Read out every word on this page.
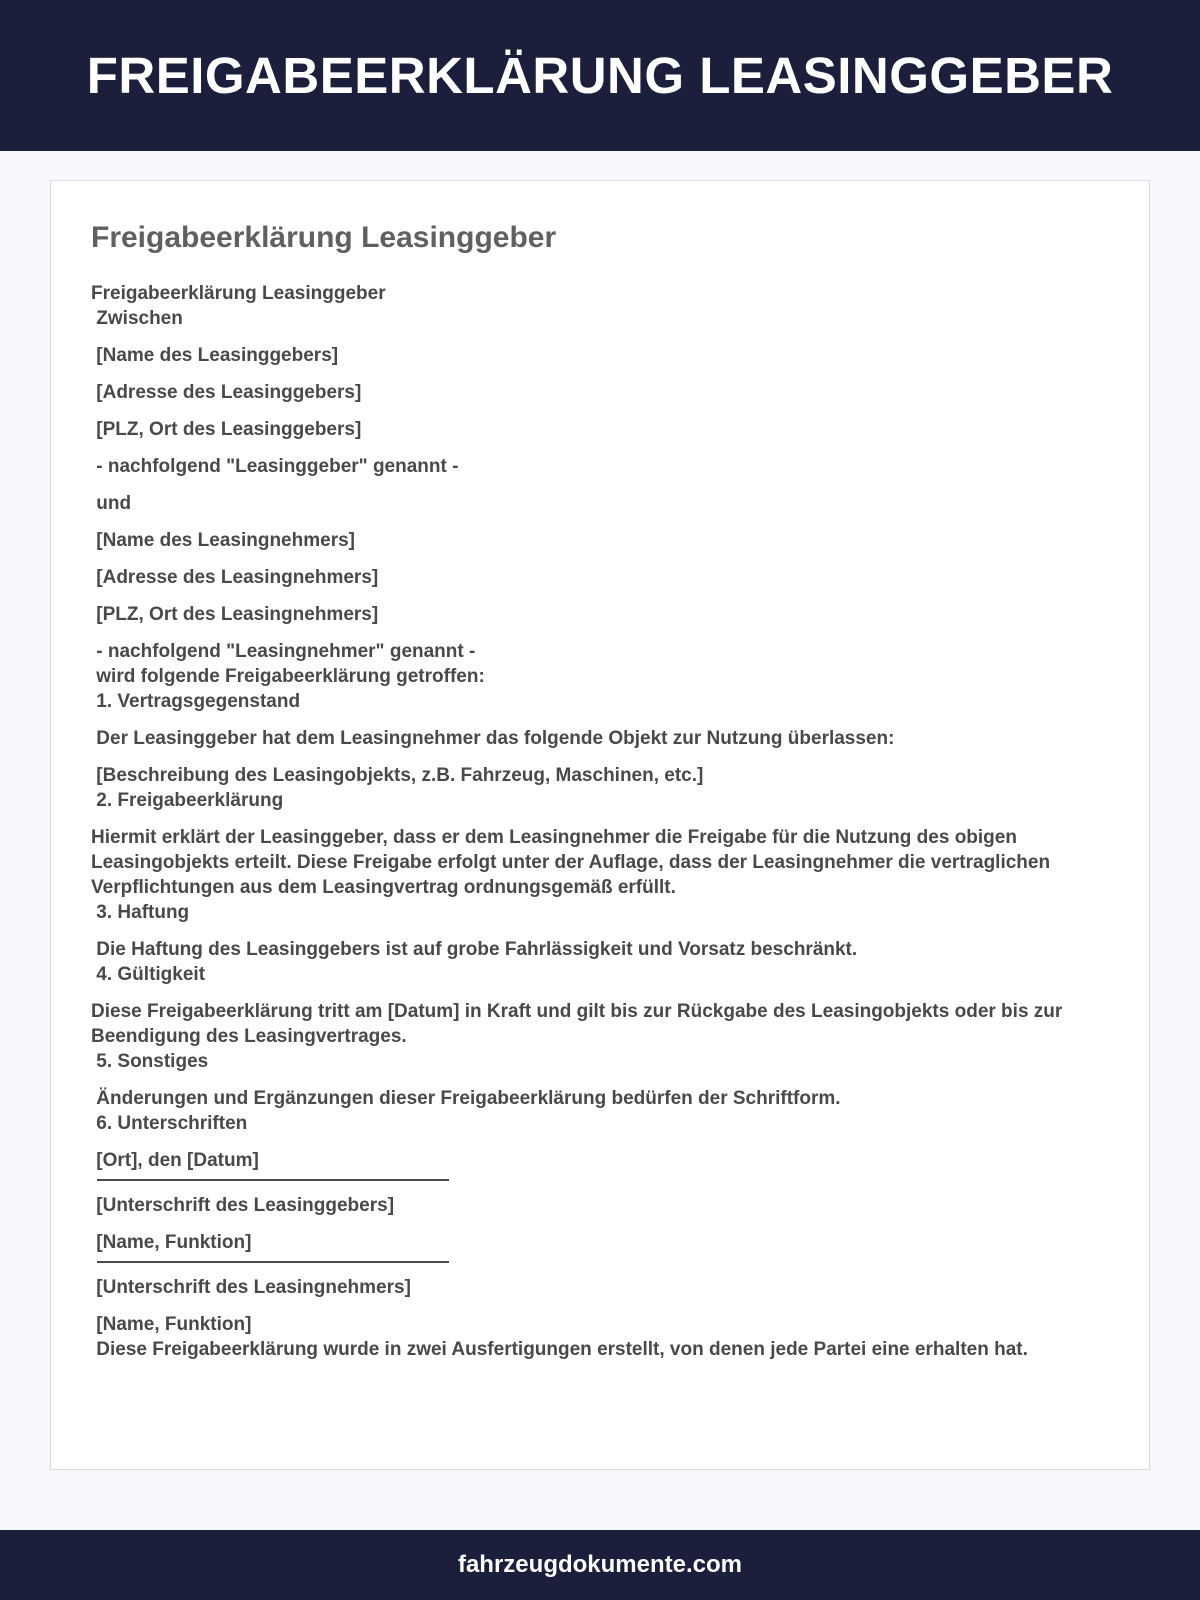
FREIGABEERKLÄRUNG LEASINGGEBER
Freigabeerklärung Leasinggeber
Freigabeerklärung Leasinggeber
Zwischen
[Name des Leasinggebers]
[Adresse des Leasinggebers]
[PLZ, Ort des Leasinggebers]
- nachfolgend "Leasinggeber" genannt -
und
[Name des Leasingnehmers]
[Adresse des Leasingnehmers]
[PLZ, Ort des Leasingnehmers]
- nachfolgend "Leasingnehmer" genannt -
wird folgende Freigabeerklärung getroffen:
1. Vertragsgegenstand
Der Leasinggeber hat dem Leasingnehmer das folgende Objekt zur Nutzung überlassen:
[Beschreibung des Leasingobjekts, z.B. Fahrzeug, Maschinen, etc.]
2. Freigabeerklärung
Hiermit erklärt der Leasinggeber, dass er dem Leasingnehmer die Freigabe für die Nutzung des obigen Leasingobjekts erteilt. Diese Freigabe erfolgt unter der Auflage, dass der Leasingnehmer die vertraglichen Verpflichtungen aus dem Leasingvertrag ordnungsgemäß erfüllt.
3. Haftung
Die Haftung des Leasinggebers ist auf grobe Fahrlässigkeit und Vorsatz beschränkt.
4. Gültigkeit
Diese Freigabeerklärung tritt am [Datum] in Kraft und gilt bis zur Rückgabe des Leasingobjekts oder bis zur Beendigung des Leasingvertrages.
5. Sonstiges
Änderungen und Ergänzungen dieser Freigabeerklärung bedürfen der Schriftform.
6. Unterschriften
[Ort], den [Datum]
[Unterschrift des Leasinggebers]
[Name, Funktion]
[Unterschrift des Leasingnehmers]
[Name, Funktion]
Diese Freigabeerklärung wurde in zwei Ausfertigungen erstellt, von denen jede Partei eine erhalten hat.
fahrzeugdokumente.com
